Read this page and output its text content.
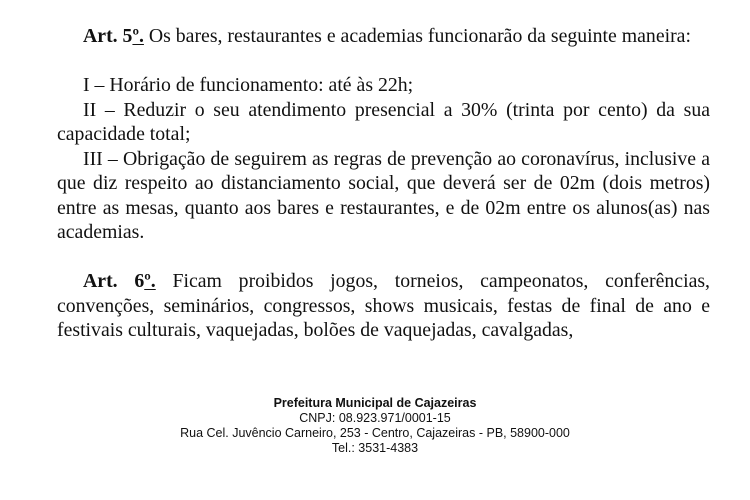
Art. 5º. Os bares, restaurantes e academias funcionarão da seguinte maneira:

I – Horário de funcionamento: até às 22h;

II – Reduzir o seu atendimento presencial a 30% (trinta por cento) da sua capacidade total;

III – Obrigação de seguirem as regras de prevenção ao coronavírus, inclusive a que diz respeito ao distanciamento social, que deverá ser de 02m (dois metros) entre as mesas, quanto aos bares e restaurantes, e de 02m entre os alunos(as) nas academias.

Art. 6º. Ficam proibidos jogos, torneios, campeonatos, conferências, convenções, seminários, congressos, shows musicais, festas de final de ano e festivais culturais, vaquejadas, bolões de vaquejadas, cavalgadas,

Prefeitura Municipal de Cajazeiras
CNPJ: 08.923.971/0001-15
Rua Cel. Juvêncio Carneiro, 253 - Centro, Cajazeiras - PB, 58900-000
Tel.: 3531-4383
